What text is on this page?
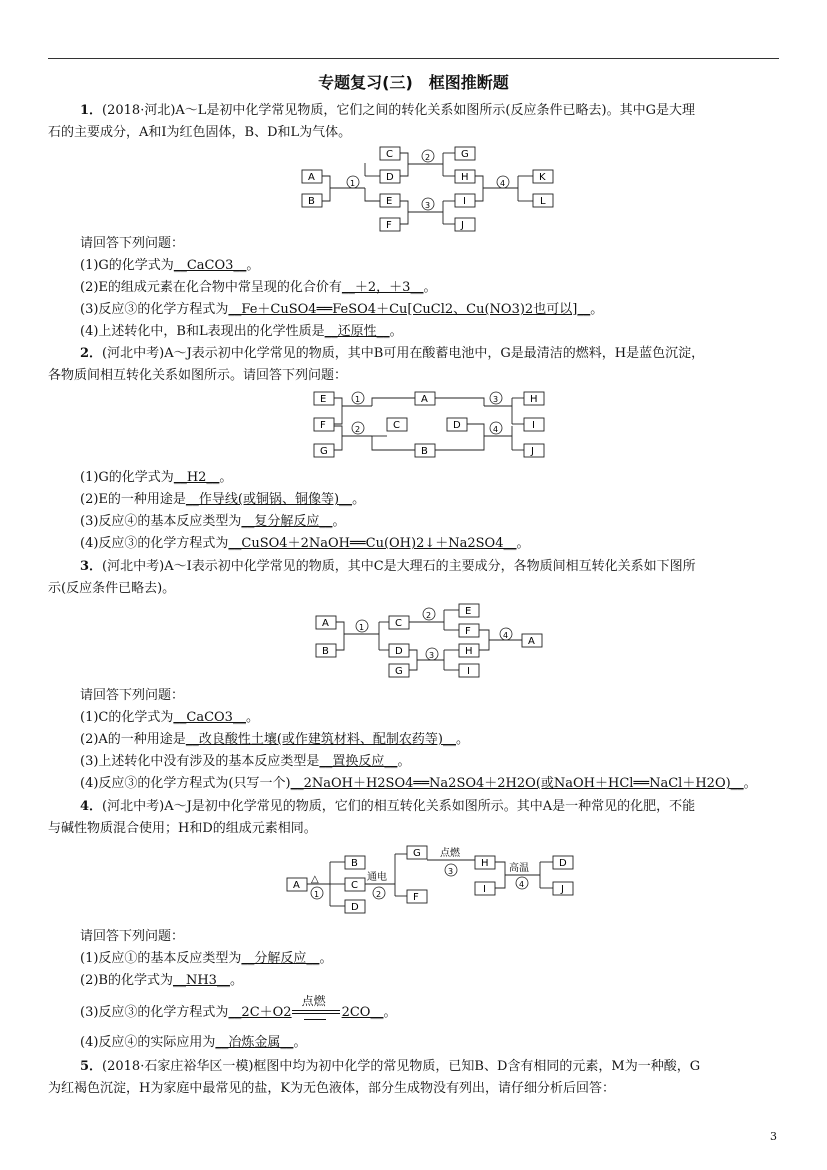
专题复习(三)　框图推断题
1．(2018·河北)A～L是初中化学常见物质，它们之间的转化关系如图所示(反应条件已略去)。其中G是大理
石的主要成分，A和I为红色固体，B、D和L为气体。
A
B
1
C
D
E
F
2
3
G
H
I
J
4
K
L
请回答下列问题：
(1)G的化学式为__CaCO3__。
(2)E的组成元素在化合物中常呈现的化合价有__＋2，＋3__。
(3)反应③的化学方程式为__Fe＋CuSO4══FeSO4＋Cu[CuCl2、Cu(NO3)2也可以]__。
(4)上述转化中，B和L表现出的化学性质是__还原性__。
2．(河北中考)A～J表示初中化学常见的物质，其中B可用在酸蓄电池中，G是最清洁的燃料，H是蓝色沉淀，
各物质间相互转化关系如图所示。请回答下列问题：
E
F
G
1
2
A
C	D
B
3
4
H
I
J
(1)G的化学式为__H2__。
(2)E的一种用途是__作导线(或铜锅、铜像等)__。
(3)反应④的基本反应类型为__复分解反应__。
(4)反应③的化学方程式为__CuSO4＋2NaOH══Cu(OH)2↓＋Na2SO4__。
3．(河北中考)A～I表示初中化学常见的物质，其中C是大理石的主要成分，各物质间相互转化关系如下图所
示(反应条件已略去)。
A
B
1	C
D
G
2
3
E
F
H
I
4
A
请回答下列问题：
(1)C的化学式为__CaCO3__。
(2)A的一种用途是__改良酸性土壤(或作建筑材料、配制农药等)__。
(3)上述转化中没有涉及的基本反应类型是__置换反应__。
(4)反应③的化学方程式为(只写一个)__2NaOH＋H2SO4══Na2SO4＋2H2O(或NaOH＋HCl══NaCl＋H2O)__。
4．(河北中考)A～J是初中化学常见的物质，它们的相互转化关系如图所示。其中A是一种常见的化肥，不能
与碱性物质混合使用；H和D的组成元素相同。
A
△
1
B
C
D
通电
2
G
F
点燃
3
H
I
高温
4
D
J
请回答下列问题：
(1)反应①的基本反应类型为__分解反应__。
(2)B的化学式为__NH3__。
(3)反应③的化学方程式为__2C＋O2
点燃
2CO__。
(4)反应④的实际应用为__冶炼金属__。
5．(2018·石家庄裕华区一模)框图中均为初中化学的常见物质，已知B、D含有相同的元素，M为一种酸，G
为红褐色沉淀，H为家庭中最常见的盐，K为无色液体，部分生成物没有列出，请仔细分析后回答：
3
